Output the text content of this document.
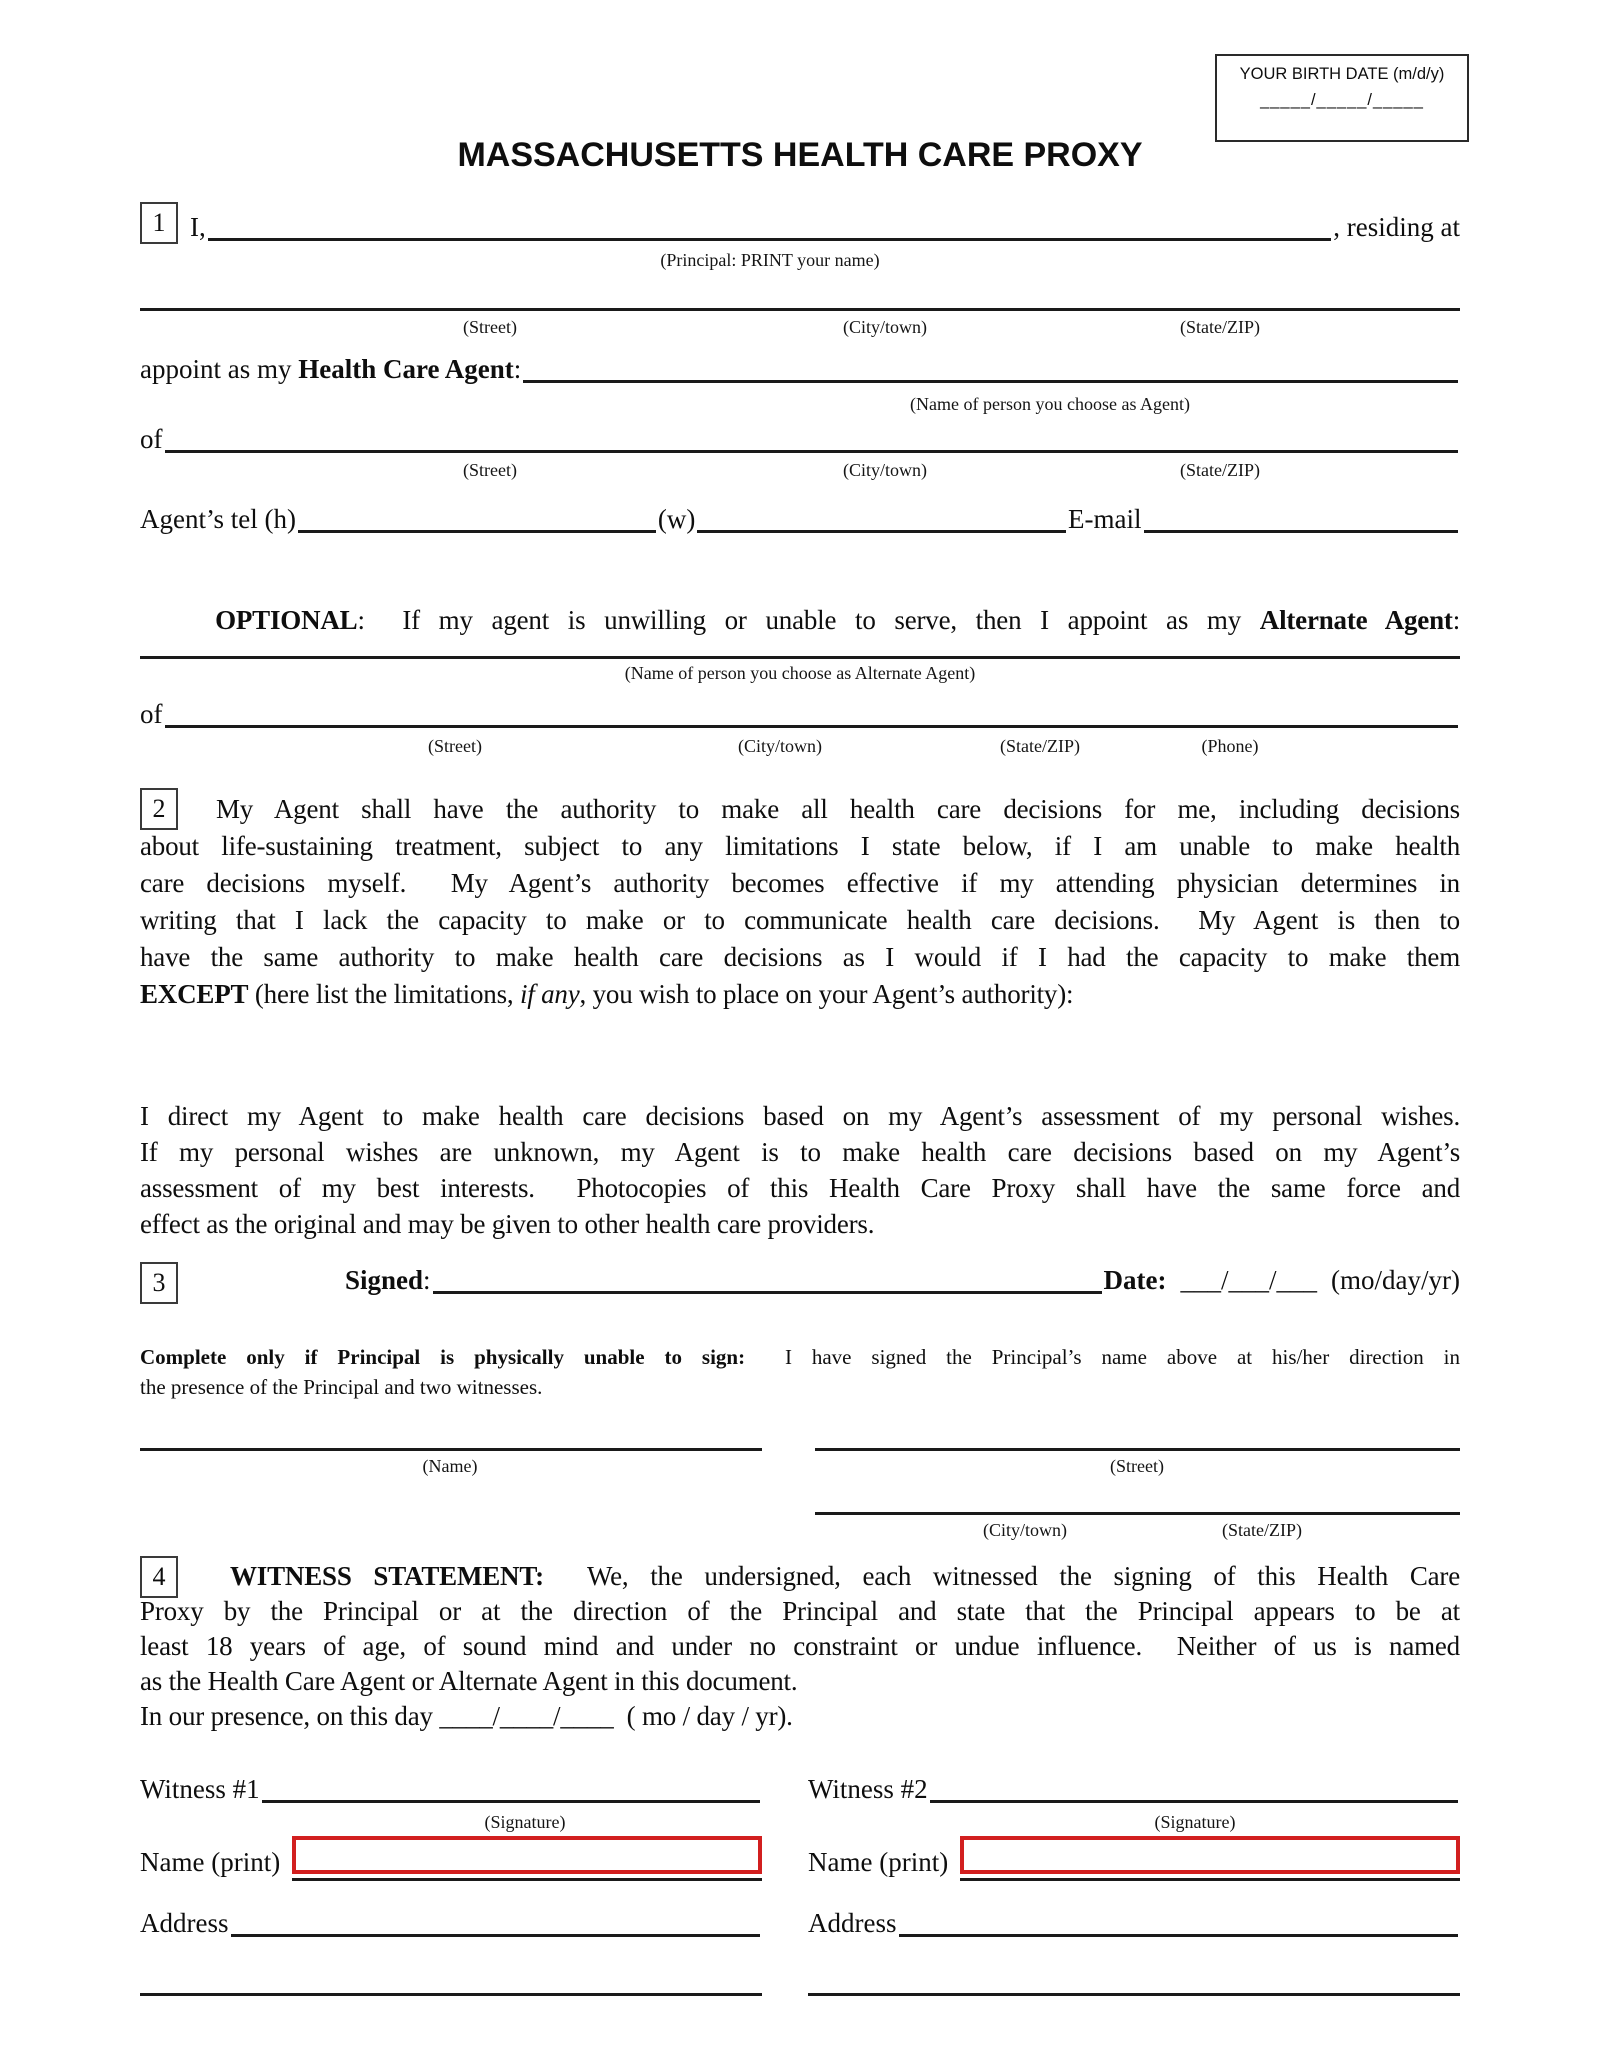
YOUR BIRTH DATE (m/d/y)
_____/_____/_____
MASSACHUSETTS HEALTH CARE PROXY
1 I,	, residing at
(Principal: PRINT your name)
(Street)	(City/town)	(State/ZIP)
appoint as my Health Care Agent :
(Name of person you choose as Agent)
of
(Street)	(City/town)	(State/ZIP)
Agent’s tel (h)	(w)	E-mail

OPTIONAL:  If my agent is unwilling or unable to serve, then I appoint as my Alternate Agent:

(Name of person you choose as Alternate Agent)
of
(Street)	(City/town)	(State/ZIP)	(Phone)
2	My Agent shall have the authority to make all health care decisions for me, including decisions
about life-sustaining treatment, subject to any limitations I state below, if I am unable to make health
care decisions myself.  My Agent’s authority becomes effective if my attending physician determines in
writing that I lack the capacity to make or to communicate health care decisions.  My Agent is then to
have the same authority to make health care decisions as I would if I had the capacity to make them
EXCEPT (here list the limitations, if any, you wish to place on your Agent’s authority):
I direct my Agent to make health care decisions based on my Agent’s assessment of my personal wishes.
If my personal wishes are unknown, my Agent is to make health care decisions based on my Agent’s
assessment of my best interests.  Photocopies of this Health Care Proxy shall have the same force and
effect as the original and may be given to other health care providers.
3	Signed :	Date: ___/___/___ (mo/day/yr)
Complete only if Principal is physically unable to sign:  I have signed the Principal’s name above at his/her direction in
the presence of the Principal and two witnesses.
(Name)	(Street)
(City/town)	(State/ZIP)
4	WITNESS STATEMENT:  We, the undersigned, each witnessed the signing of this Health Care
Proxy by the Principal or at the direction of the Principal and state that the Principal appears to be at
least 18 years of age, of sound mind and under no constraint or undue influence.  Neither of us is named
as the Health Care Agent or Alternate Agent in this document.
In our presence, on this day ____/____/____  ( mo / day / yr).
Witness #1	Witness #2
(Signature)	(Signature)
Name (print)	Name (print)
Address	Address
